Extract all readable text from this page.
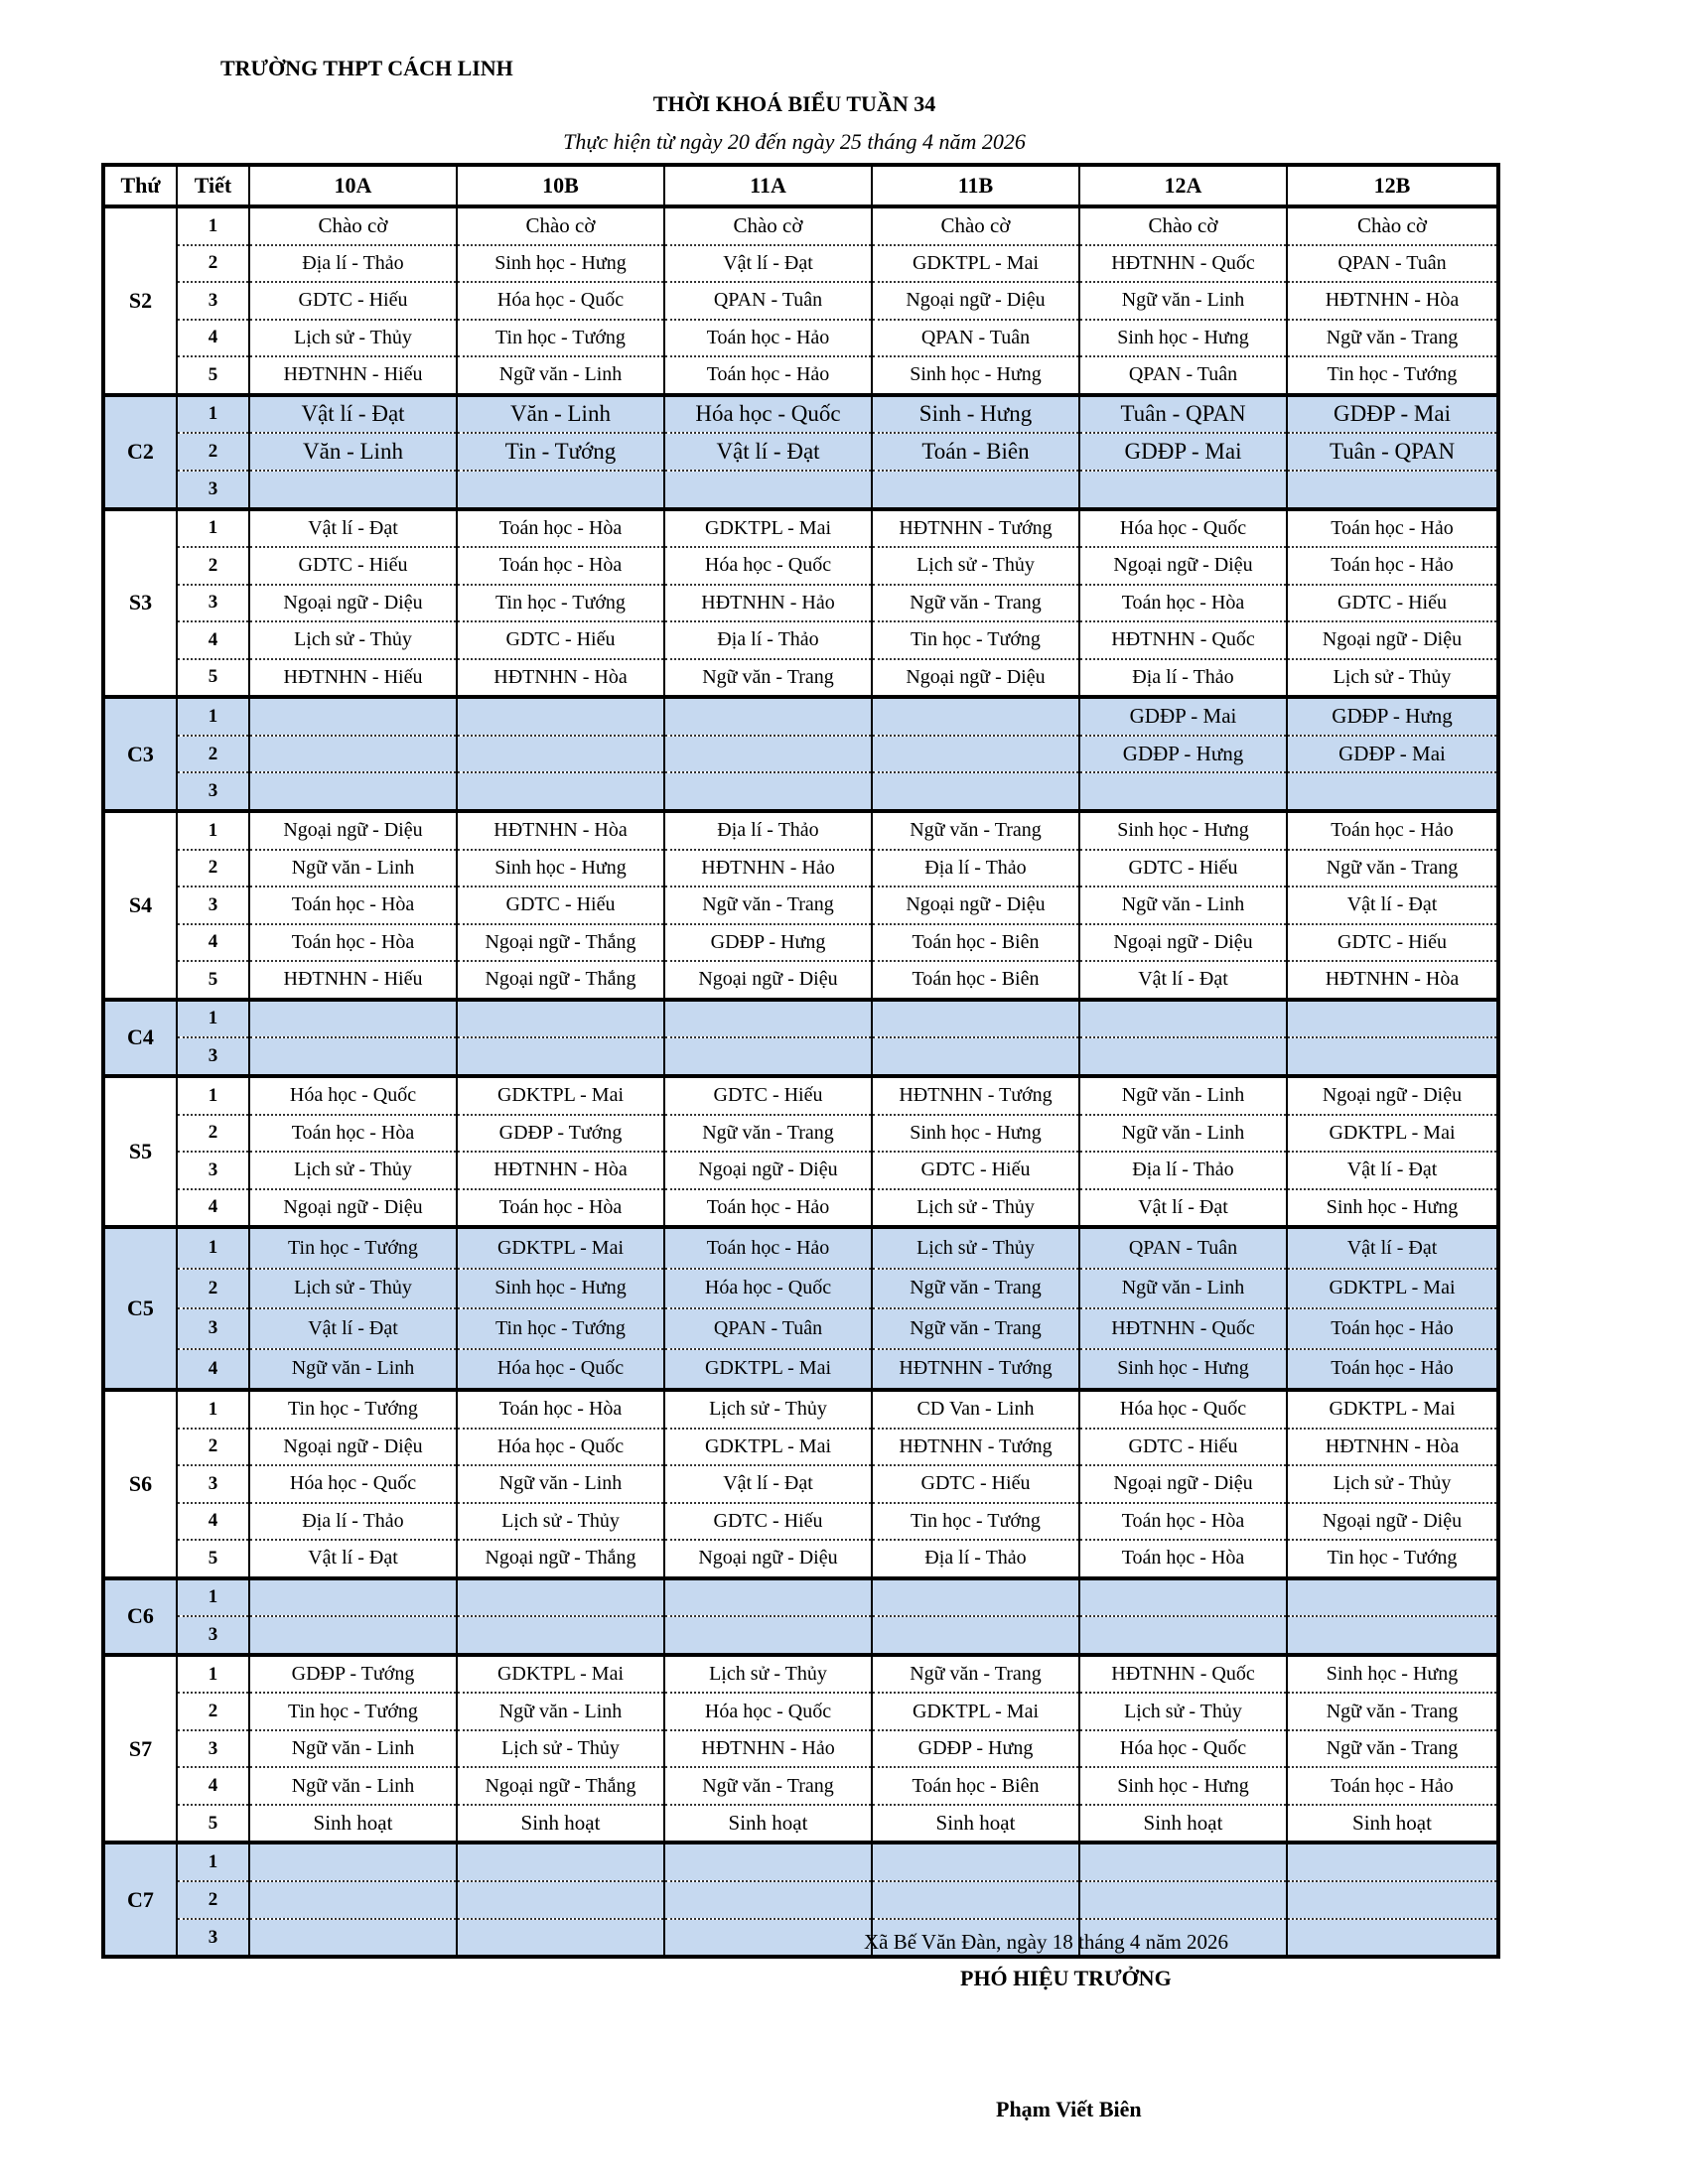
TRƯỜNG THPT CÁCH LINH
THỜI KHOÁ BIỂU TUẦN 34
Thực hiện từ ngày 20 đến ngày 25 tháng 4 năm 2026
Thứ	Tiết	10A	10B	11A	11B	12A	12B
S2	1	Chào cờ	Chào cờ	Chào cờ	Chào cờ	Chào cờ	Chào cờ
	2	Địa lí - Thảo	Sinh học - Hưng	Vật lí - Đạt	GDKTPL - Mai	HĐTNHN - Quốc	QPAN - Tuân
	3	GDTC - Hiếu	Hóa học - Quốc	QPAN - Tuân	Ngoại ngữ - Diệu	Ngữ văn - Linh	HĐTNHN - Hòa
	4	Lịch sử - Thủy	Tin học - Tướng	Toán học - Hảo	QPAN - Tuân	Sinh học - Hưng	Ngữ văn - Trang
	5	HĐTNHN - Hiếu	Ngữ văn - Linh	Toán học - Hảo	Sinh học - Hưng	QPAN - Tuân	Tin học - Tướng
C2	1	Vật lí - Đạt	Văn - Linh	Hóa học - Quốc	Sinh - Hưng	Tuân - QPAN	GDĐP - Mai
	2	Văn - Linh	Tin - Tướng	Vật lí - Đạt	Toán - Biên	GDĐP - Mai	Tuân - QPAN
	3						
S3	1	Vật lí - Đạt	Toán học - Hòa	GDKTPL - Mai	HĐTNHN - Tướng	Hóa học - Quốc	Toán học - Hảo
	2	GDTC - Hiếu	Toán học - Hòa	Hóa học - Quốc	Lịch sử - Thủy	Ngoại ngữ - Diệu	Toán học - Hảo
	3	Ngoại ngữ - Diệu	Tin học - Tướng	HĐTNHN - Hảo	Ngữ văn - Trang	Toán học - Hòa	GDTC - Hiếu
	4	Lịch sử - Thủy	GDTC - Hiếu	Địa lí - Thảo	Tin học - Tướng	HĐTNHN - Quốc	Ngoại ngữ - Diệu
	5	HĐTNHN - Hiếu	HĐTNHN - Hòa	Ngữ văn - Trang	Ngoại ngữ - Diệu	Địa lí - Thảo	Lịch sử - Thủy
C3	1					GDĐP - Mai	GDĐP - Hưng
	2					GDĐP - Hưng	GDĐP - Mai
	3						
S4	1	Ngoại ngữ - Diệu	HĐTNHN - Hòa	Địa lí - Thảo	Ngữ văn - Trang	Sinh học - Hưng	Toán học - Hảo
	2	Ngữ văn - Linh	Sinh học - Hưng	HĐTNHN - Hảo	Địa lí - Thảo	GDTC - Hiếu	Ngữ văn - Trang
	3	Toán học - Hòa	GDTC - Hiếu	Ngữ văn - Trang	Ngoại ngữ - Diệu	Ngữ văn - Linh	Vật lí - Đạt
	4	Toán học - Hòa	Ngoại ngữ - Thắng	GDĐP - Hưng	Toán học - Biên	Ngoại ngữ - Diệu	GDTC - Hiếu
	5	HĐTNHN - Hiếu	Ngoại ngữ - Thắng	Ngoại ngữ - Diệu	Toán học - Biên	Vật lí - Đạt	HĐTNHN - Hòa
C4	1						
	3						
S5	1	Hóa học - Quốc	GDKTPL - Mai	GDTC - Hiếu	HĐTNHN - Tướng	Ngữ văn - Linh	Ngoại ngữ - Diệu
	2	Toán học - Hòa	GDĐP - Tướng	Ngữ văn - Trang	Sinh học - Hưng	Ngữ văn - Linh	GDKTPL - Mai
	3	Lịch sử - Thủy	HĐTNHN - Hòa	Ngoại ngữ - Diệu	GDTC - Hiếu	Địa lí - Thảo	Vật lí - Đạt
	4	Ngoại ngữ - Diệu	Toán học - Hòa	Toán học - Hảo	Lịch sử - Thủy	Vật lí - Đạt	Sinh học - Hưng
C5	1	Tin học - Tướng	GDKTPL - Mai	Toán học - Hảo	Lịch sử - Thủy	QPAN - Tuân	Vật lí - Đạt
	2	Lịch sử - Thủy	Sinh học - Hưng	Hóa học - Quốc	Ngữ văn - Trang	Ngữ văn - Linh	GDKTPL - Mai
	3	Vật lí - Đạt	Tin học - Tướng	QPAN - Tuân	Ngữ văn - Trang	HĐTNHN - Quốc	Toán học - Hảo
	4	Ngữ văn - Linh	Hóa học - Quốc	GDKTPL - Mai	HĐTNHN - Tướng	Sinh học - Hưng	Toán học - Hảo
S6	1	Tin học - Tướng	Toán học - Hòa	Lịch sử - Thủy	CD Van - Linh	Hóa học - Quốc	GDKTPL - Mai
	2	Ngoại ngữ - Diệu	Hóa học - Quốc	GDKTPL - Mai	HĐTNHN - Tướng	GDTC - Hiếu	HĐTNHN - Hòa
	3	Hóa học - Quốc	Ngữ văn - Linh	Vật lí - Đạt	GDTC - Hiếu	Ngoại ngữ - Diệu	Lịch sử - Thủy
	4	Địa lí - Thảo	Lịch sử - Thủy	GDTC - Hiếu	Tin học - Tướng	Toán học - Hòa	Ngoại ngữ - Diệu
	5	Vật lí - Đạt	Ngoại ngữ - Thắng	Ngoại ngữ - Diệu	Địa lí - Thảo	Toán học - Hòa	Tin học - Tướng
C6	1						
	3						
S7	1	GDĐP - Tướng	GDKTPL - Mai	Lịch sử - Thủy	Ngữ văn - Trang	HĐTNHN - Quốc	Sinh học - Hưng
	2	Tin học - Tướng	Ngữ văn - Linh	Hóa học - Quốc	GDKTPL - Mai	Lịch sử - Thủy	Ngữ văn - Trang
	3	Ngữ văn - Linh	Lịch sử - Thủy	HĐTNHN - Hảo	GDĐP - Hưng	Hóa học - Quốc	Ngữ văn - Trang
	4	Ngữ văn - Linh	Ngoại ngữ - Thắng	Ngữ văn - Trang	Toán học - Biên	Sinh học - Hưng	Toán học - Hảo
	5	Sinh hoạt	Sinh hoạt	Sinh hoạt	Sinh hoạt	Sinh hoạt	Sinh hoạt
C7	1						
	2						
	3							Xã Bế Văn Đàn, ngày 18 tháng 4 năm 2026
PHÓ HIỆU TRƯỞNG
Phạm Viết Biên
